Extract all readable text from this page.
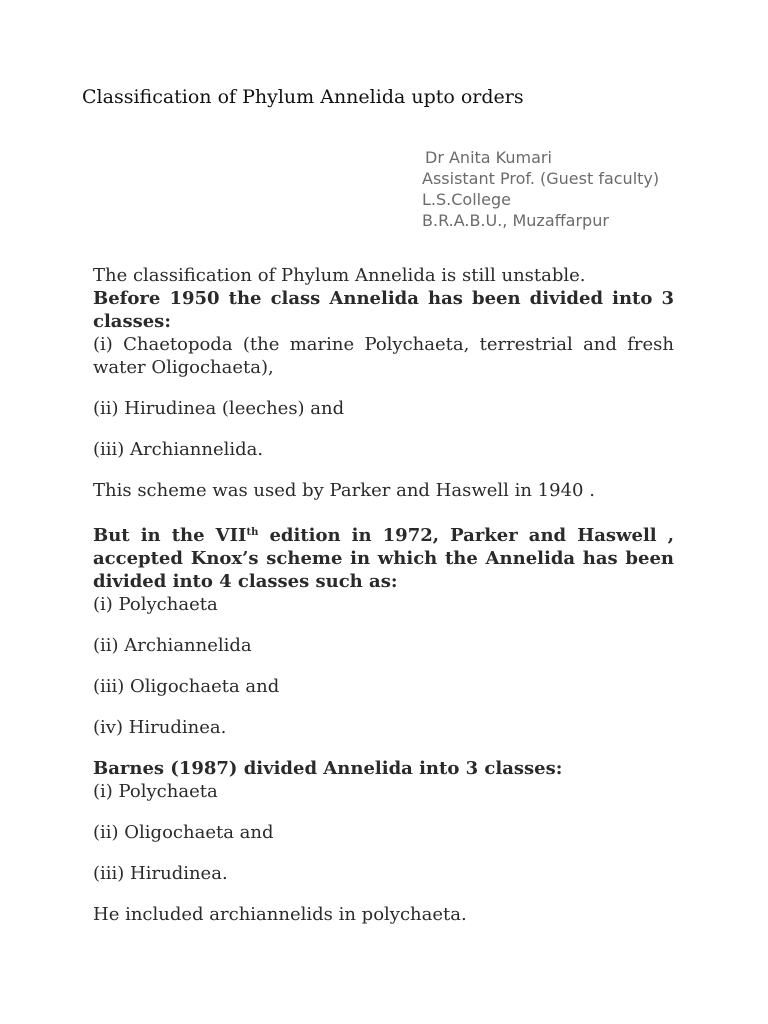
Classification of Phylum Annelida upto orders
Dr Anita Kumari
Assistant Prof. (Guest faculty)
L.S.College
B.R.A.B.U., Muzaffarpur

The classification of Phylum Annelida is still unstable.

Before 1950 the class Annelida has been divided into 3 classes:

(i) Chaetopoda (the marine Polychaeta, terrestrial and fresh water Oligochaeta),

(ii) Hirudinea (leeches) and

(iii) Archiannelida.

This scheme was used by Parker and Haswell in 1940 .

But in the VIIth edition in 1972, Parker and Haswell , accepted Knox’s scheme in which the Annelida has been divided into 4 classes such as:

(i) Polychaeta

(ii) Archiannelida

(iii) Oligochaeta and

(iv) Hirudinea.

Barnes (1987) divided Annelida into 3 classes:

(i) Polychaeta

(ii) Oligochaeta and

(iii) Hirudinea.

He included archiannelids in polychaeta.
